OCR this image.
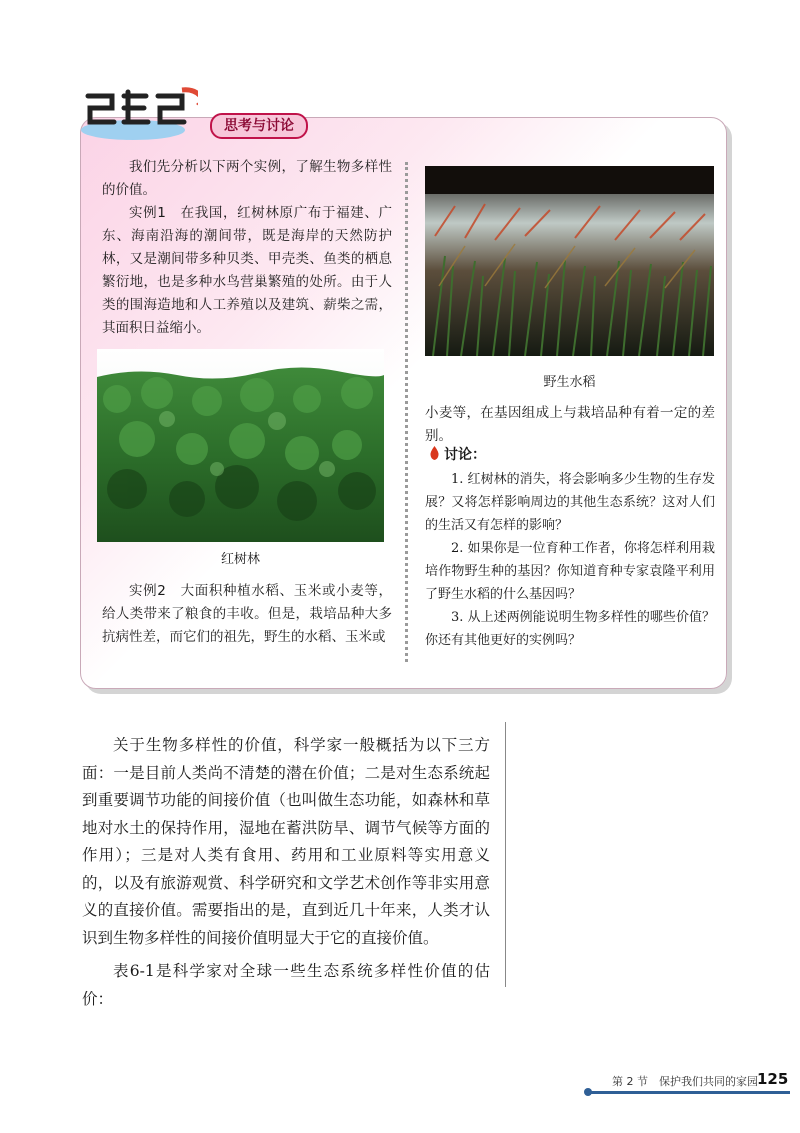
思考与讨论

我们先分析以下两个实例，了解生物多样性的价值。

实例1　在我国，红树林原广布于福建、广东、海南沿海的潮间带，既是海岸的天然防护林，又是潮间带多种贝类、甲壳类、鱼类的栖息繁衍地，也是多种水鸟营巢繁殖的处所。由于人类的围海造地和人工养殖以及建筑、薪柴之需，其面积日益缩小。

红树林

实例2　大面积种植水稻、玉米或小麦等，给人类带来了粮食的丰收。但是，栽培品种大多抗病性差，而它们的祖先，野生的水稻、玉米或

野生水稻

小麦等，在基因组成上与栽培品种有着一定的差别。

讨论：

1. 红树林的消失，将会影响多少生物的生存发展？又将怎样影响周边的其他生态系统？这对人们的生活又有怎样的影响？

2. 如果你是一位育种工作者，你将怎样利用栽培作物野生种的基因？你知道育种专家袁隆平利用了野生水稻的什么基因吗？

3. 从上述两例能说明生物多样性的哪些价值？你还有其他更好的实例吗？

关于生物多样性的价值，科学家一般概括为以下三方面：一是目前人类尚不清楚的潜在价值；二是对生态系统起到重要调节功能的间接价值（也叫做生态功能，如森林和草地对水土的保持作用，湿地在蓄洪防旱、调节气候等方面的作用）；三是对人类有食用、药用和工业原料等实用意义的，以及有旅游观赏、科学研究和文学艺术创作等非实用意义的直接价值。需要指出的是，直到近几十年来，人类才认识到生物多样性的间接价值明显大于它的直接价值。

表6-1是科学家对全球一些生态系统多样性价值的估价：

第 2 节　保护我们共同的家园 125
